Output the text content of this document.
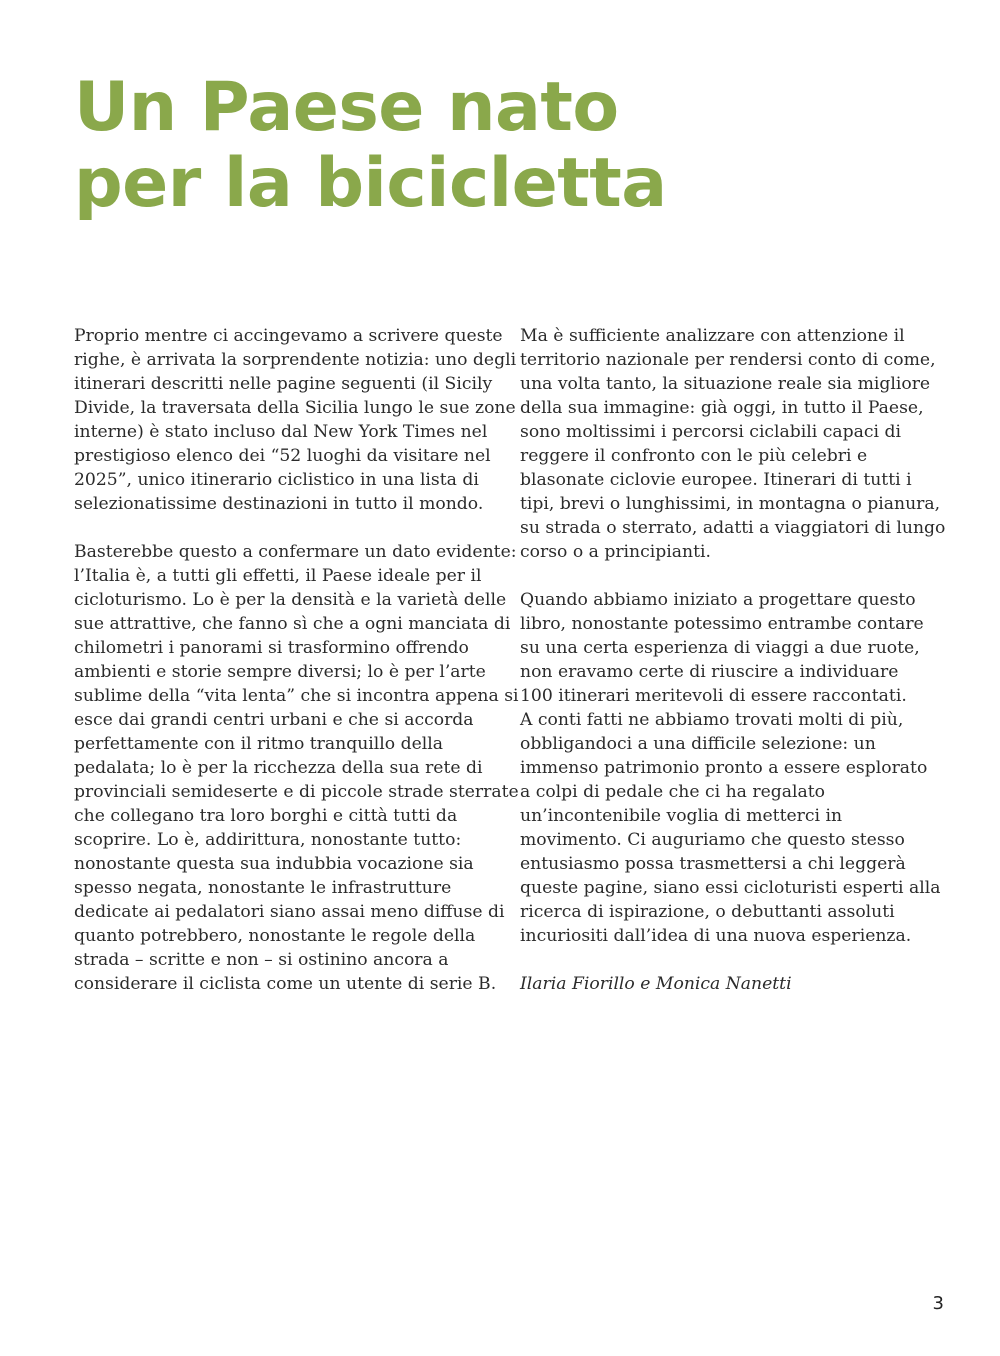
Un Paese nato
per la bicicletta

Proprio mentre ci accingevamo a scrivere queste
righe, è arrivata la sorprendente notizia: uno degli
itinerari descritti nelle pagine seguenti (il Sicily
Divide, la traversata della Sicilia lungo le sue zone
interne) è stato incluso dal New York Times nel
prestigioso elenco dei “52 luoghi da visitare nel
2025”, unico itinerario ciclistico in una lista di
selezionatissime destinazioni in tutto il mondo.

Basterebbe questo a confermare un dato evidente:
l’Italia è, a tutti gli effetti, il Paese ideale per il
cicloturismo. Lo è per la densità e la varietà delle
sue attrattive, che fanno sì che a ogni manciata di
chilometri i panorami si trasformino offrendo
ambienti e storie sempre diversi; lo è per l’arte
sublime della “vita lenta” che si incontra appena si
esce dai grandi centri urbani e che si accorda
perfettamente con il ritmo tranquillo della
pedalata; lo è per la ricchezza della sua rete di
provinciali semideserte e di piccole strade sterrate
che collegano tra loro borghi e città tutti da
scoprire. Lo è, addirittura, nonostante tutto:
nonostante questa sua indubbia vocazione sia
spesso negata, nonostante le infrastrutture
dedicate ai pedalatori siano assai meno diffuse di
quanto potrebbero, nonostante le regole della
strada – scritte e non – si ostinino ancora a
considerare il ciclista come un utente di serie B.

Ma è sufficiente analizzare con attenzione il
territorio nazionale per rendersi conto di come,
una volta tanto, la situazione reale sia migliore
della sua immagine: già oggi, in tutto il Paese,
sono moltissimi i percorsi ciclabili capaci di
reggere il confronto con le più celebri e
blasonate ciclovie europee. Itinerari di tutti i
tipi, brevi o lunghissimi, in montagna o pianura,
su strada o sterrato, adatti a viaggiatori di lungo
corso o a principianti.

Quando abbiamo iniziato a progettare questo
libro, nonostante potessimo entrambe contare
su una certa esperienza di viaggi a due ruote,
non eravamo certe di riuscire a individuare
100 itinerari meritevoli di essere raccontati.
A conti fatti ne abbiamo trovati molti di più,
obbligandoci a una difficile selezione: un
immenso patrimonio pronto a essere esplorato
a colpi di pedale che ci ha regalato
un’incontenibile voglia di metterci in
movimento. Ci auguriamo che questo stesso
entusiasmo possa trasmettersi a chi leggerà
queste pagine, siano essi cicloturisti esperti alla
ricerca di ispirazione, o debuttanti assoluti
incuriositi dall’idea di una nuova esperienza.

Ilaria Fiorillo e Monica Nanetti

3
